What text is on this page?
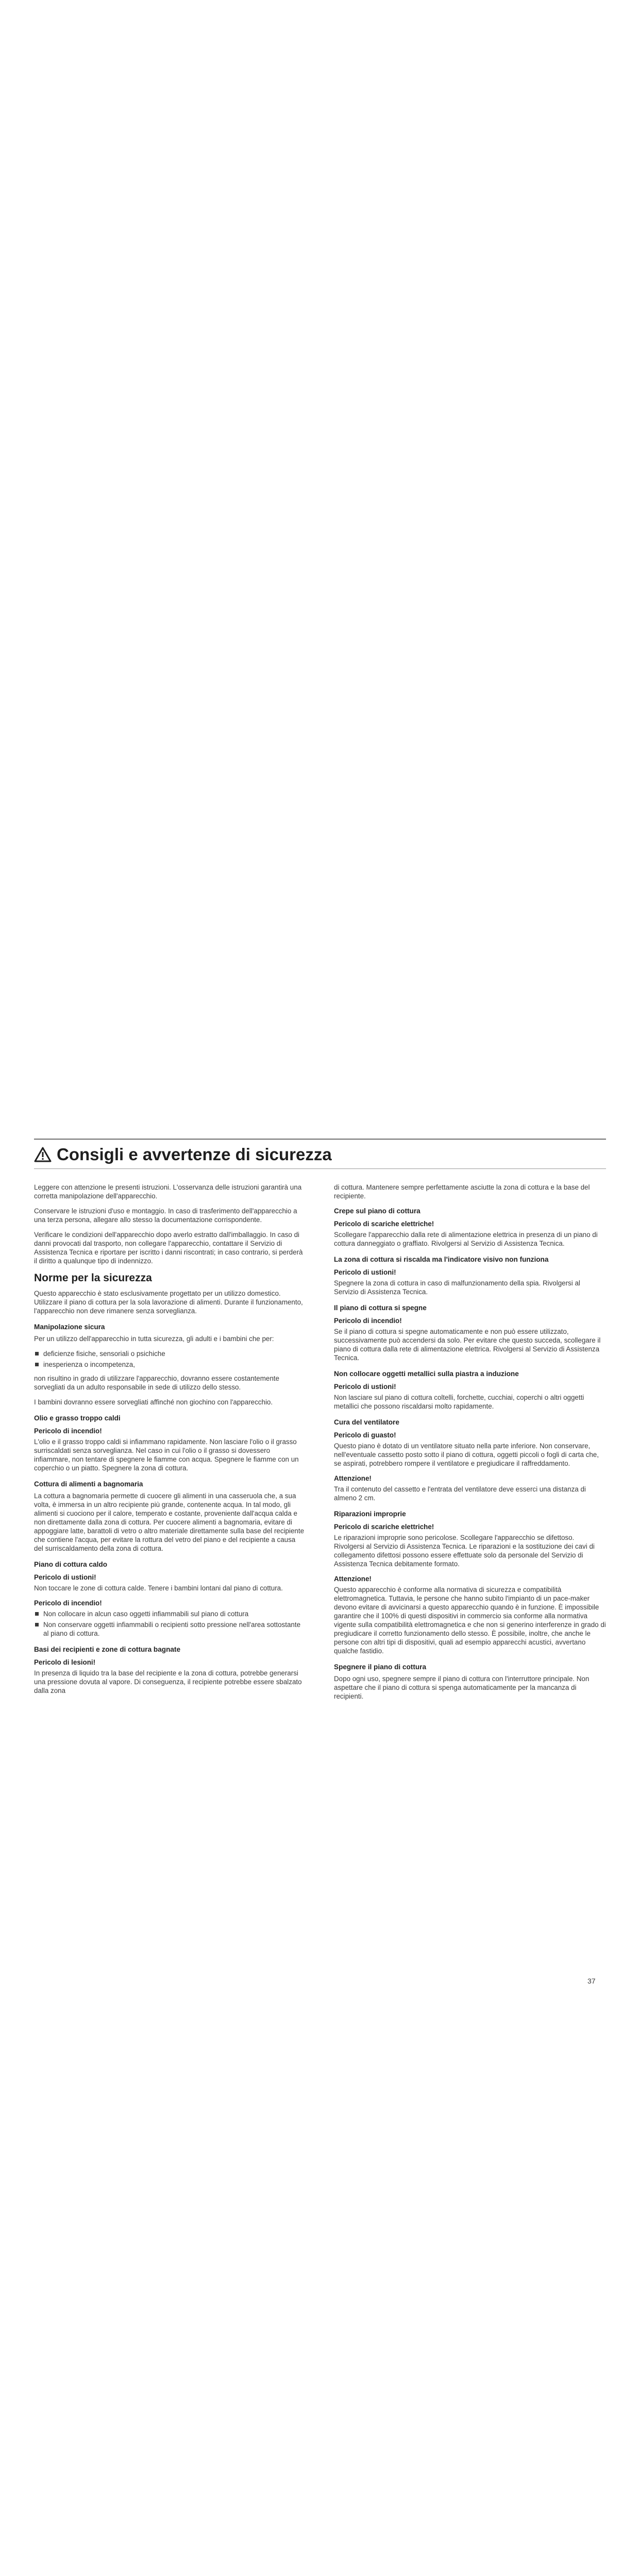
Consigli e avvertenze di sicurezza

Leggere con attenzione le presenti istruzioni. L'osservanza delle istruzioni garantirà una corretta manipolazione dell'apparecchio.

Conservare le istruzioni d'uso e montaggio. In caso di trasferimento dell'apparecchio a una terza persona, allegare allo stesso la documentazione corrispondente.

Verificare le condizioni dell'apparecchio dopo averlo estratto dall'imballaggio. In caso di danni provocati dal trasporto, non collegare l'apparecchio, contattare il Servizio di Assistenza Tecnica e riportare per iscritto i danni riscontrati; in caso contrario, si perderà il diritto a qualunque tipo di indennizzo.

Norme per la sicurezza

Questo apparecchio è stato esclusivamente progettato per un utilizzo domestico. Utilizzare il piano di cottura per la sola lavorazione di alimenti. Durante il funzionamento, l'apparecchio non deve rimanere senza sorveglianza.

Manipolazione sicura

Per un utilizzo dell'apparecchio in tutta sicurezza, gli adulti e i bambini che per:

deficienze fisiche, sensoriali o psichiche
inesperienza o incompetenza,

non risultino in grado di utilizzare l'apparecchio, dovranno essere costantemente sorvegliati da un adulto responsabile in sede di utilizzo dello stesso.

I bambini dovranno essere sorvegliati affinché non giochino con l'apparecchio.

Olio e grasso troppo caldi
Pericolo di incendio!

L'olio e il grasso troppo caldi si infiammano rapidamente. Non lasciare l'olio o il grasso surriscaldati senza sorveglianza. Nel caso in cui l'olio o il grasso si dovessero infiammare, non tentare di spegnere le fiamme con acqua. Spegnere le fiamme con un coperchio o un piatto. Spegnere la zona di cottura.

Cottura di alimenti a bagnomaria

La cottura a bagnomaria permette di cuocere gli alimenti in una casseruola che, a sua volta, è immersa in un altro recipiente più grande, contenente acqua. In tal modo, gli alimenti si cuociono per il calore, temperato e costante, proveniente dall'acqua calda e non direttamente dalla zona di cottura. Per cuocere alimenti a bagnomaria, evitare di appoggiare latte, barattoli di vetro o altro materiale direttamente sulla base del recipiente che contiene l'acqua, per evitare la rottura del vetro del piano e del recipiente a causa del surriscaldamento della zona di cottura.

Piano di cottura caldo
Pericolo di ustioni!

Non toccare le zone di cottura calde. Tenere i bambini lontani dal piano di cottura.

Pericolo di incendio!
Non collocare in alcun caso oggetti infiammabili sul piano di cottura
Non conservare oggetti infiammabili o recipienti sotto pressione nell'area sottostante al piano di cottura.
Basi dei recipienti e zone di cottura bagnate
Pericolo di lesioni!

In presenza di liquido tra la base del recipiente e la zona di cottura, potrebbe generarsi una pressione dovuta al vapore. Di conseguenza, il recipiente potrebbe essere sbalzato dalla zona

di cottura. Mantenere sempre perfettamente asciutte la zona di cottura e la base del recipiente.

Crepe sul piano di cottura
Pericolo di scariche elettriche!

Scollegare l'apparecchio dalla rete di alimentazione elettrica in presenza di un piano di cottura danneggiato o graffiato. Rivolgersi al Servizio di Assistenza Tecnica.

La zona di cottura si riscalda ma l'indicatore visivo non funziona
Pericolo di ustioni!

Spegnere la zona di cottura in caso di malfunzionamento della spia. Rivolgersi al Servizio di Assistenza Tecnica.

Il piano di cottura si spegne
Pericolo di incendio!

Se il piano di cottura si spegne automaticamente e non può essere utilizzato, successivamente può accendersi da solo. Per evitare che questo succeda, scollegare il piano di cottura dalla rete di alimentazione elettrica. Rivolgersi al Servizio di Assistenza Tecnica.

Non collocare oggetti metallici sulla piastra a induzione
Pericolo di ustioni!

Non lasciare sul piano di cottura coltelli, forchette, cucchiai, coperchi o altri oggetti metallici che possono riscaldarsi molto rapidamente.

Cura del ventilatore
Pericolo di guasto!

Questo piano è dotato di un ventilatore situato nella parte inferiore. Non conservare, nell'eventuale cassetto posto sotto il piano di cottura, oggetti piccoli o fogli di carta che, se aspirati, potrebbero rompere il ventilatore e pregiudicare il raffreddamento.

Attenzione!

Tra il contenuto del cassetto e l'entrata del ventilatore deve esserci una distanza di almeno 2 cm.

Riparazioni improprie
Pericolo di scariche elettriche!

Le riparazioni improprie sono pericolose. Scollegare l'apparecchio se difettoso. Rivolgersi al Servizio di Assistenza Tecnica. Le riparazioni e la sostituzione dei cavi di collegamento difettosi possono essere effettuate solo da personale del Servizio di Assistenza Tecnica debitamente formato.

Attenzione!

Questo apparecchio è conforme alla normativa di sicurezza e compatibilità elettromagnetica. Tuttavia, le persone che hanno subito l'impianto di un pace-maker devono evitare di avvicinarsi a questo apparecchio quando è in funzione. È impossibile garantire che il 100% di questi dispositivi in commercio sia conforme alla normativa vigente sulla compatibilità elettromagnetica e che non si generino interferenze in grado di pregiudicare il corretto funzionamento dello stesso. È possibile, inoltre, che anche le persone con altri tipi di dispositivi, quali ad esempio apparecchi acustici, avvertano qualche fastidio.

Spegnere il piano di cottura

Dopo ogni uso, spegnere sempre il piano di cottura con l'interruttore principale. Non aspettare che il piano di cottura si spenga automaticamente per la mancanza di recipienti.

37
